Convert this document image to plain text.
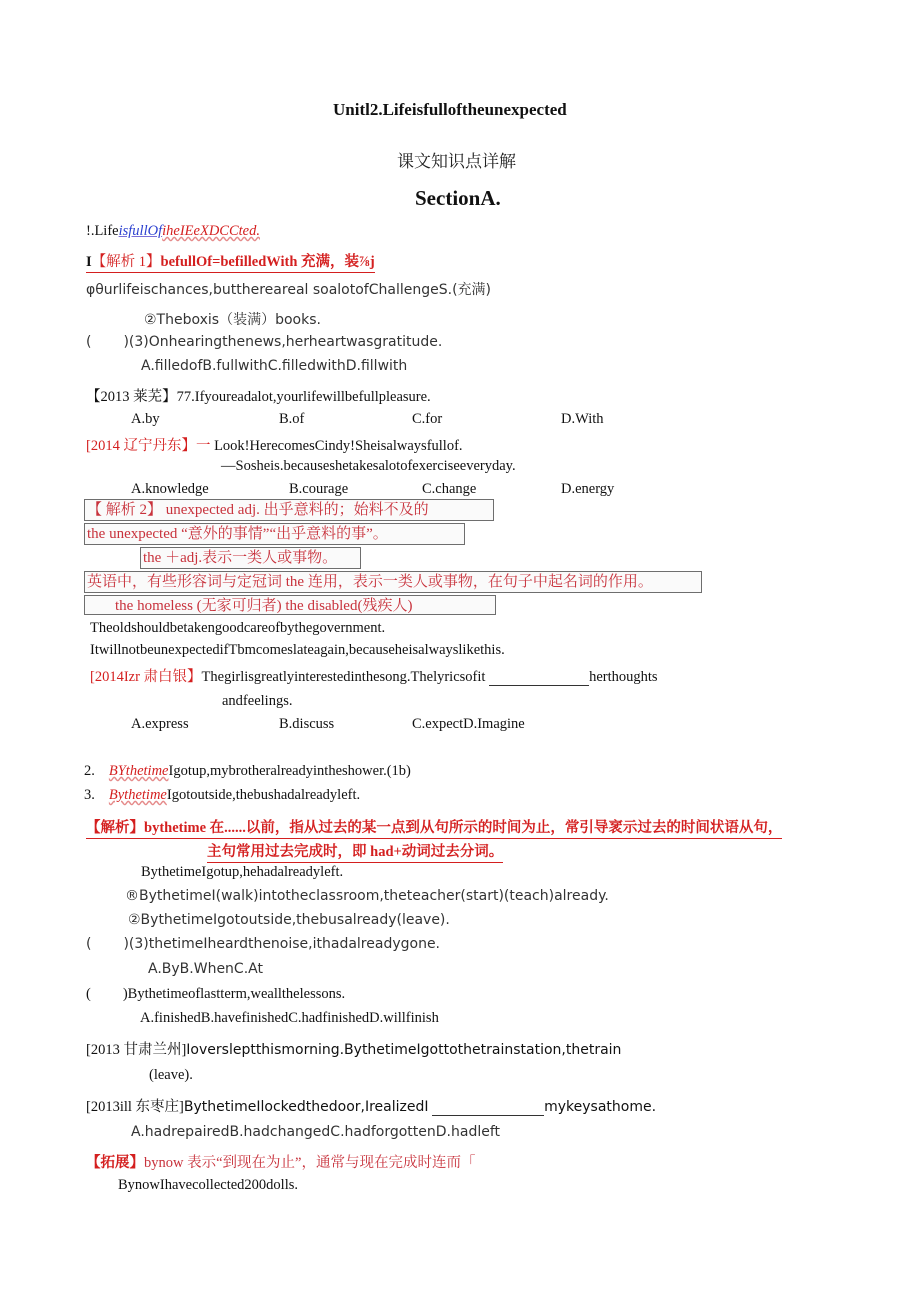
Unitl2.Lifeisfulloftheunexpected
课文知识点详解
SectionA.
!.LifeisfullOfiheIEeXDCCted.
I【解析 1】befullOf=befilledWith 充满，装⅞j
φθurlifeischances,butthereareal soalotofChallengeS.(充满)
②Theboxis（装满）books.
( )(3)Onhearingthenews,herheartwasgratitude.
A.filledofB.fullwithC.filledwithD.fillwith
【2013 莱芜】77.Ifyoureadalot,yourlifewillbefullpleasure.
A.by	B.of	C.for	D.With
[2014 辽宁丹东】一 Look!HerecomesCindy!Sheisalwaysfullof.
—Sosheis.becauseshetakesalotofexerciseeveryday.
A.knowledge	B.courage	C.change	D.energy
【 解析 2】 unexpected adj. 出乎意料的；始料不及的
the unexpected “意外的事情”“出乎意料的事”。
the ＋adj.表示一类人或事物。
英语中，有些形容词与定冠词 the 连用，表示一类人或事物，在句子中起名词的作用。
the homeless (无家可归者) the disabled(残疾人)
Theoldshouldbetakengoodcareofbythegovernment.
ItwillnotbeunexpectedifTbmcomeslateagain,becauseheisalwayslikethis.
[2014Izr 肃白银】Thegirlisgreatlyinterestedinthesong.Thelyricsofit	herthoughts
andfeelings.
A.express	B.discuss	C.expectD.Imagine
2. BYthetimeIgotup,mybrotheralreadyintheshower.(1b)
3. BythetimeIgotoutside,thebushadalreadyleft.
【解析】bythetime 在......以前，指从过去的某一点到从句所示的时间为止，常引导衺示过去的时间状语从句，
主句常用过去完成时，即 had+动词过去分词。
BythetimeIgotup,hehadalreadyleft.
®BythetimeI(walk)intotheclassroom,theteacher(start)(teach)already.
②BythetimeIgotoutside,thebusalready(leave).
( )(3)thetimeIheardthenoise,ithadalreadygone.
A.ByB.WhenC.At
( )Bythetimeoflastterm,weallthelessons.
A.finishedB.havefinishedC.hadfinishedD.willfinish
[2013 甘肃兰州]Ioversleptthismorning.BythetimeIgottothetrainstation,thetrain
(leave).
[2013ill 东枣庄]BythetimeIlockedthedoor,IrealizedI	mykeysathome.
A.hadrepairedB.hadchangedC.hadforgottenD.hadleft
【拓展】bynow 表示“到现在为止”，通常与现在完成时连而「
BynowIhavecollected200dolls.
